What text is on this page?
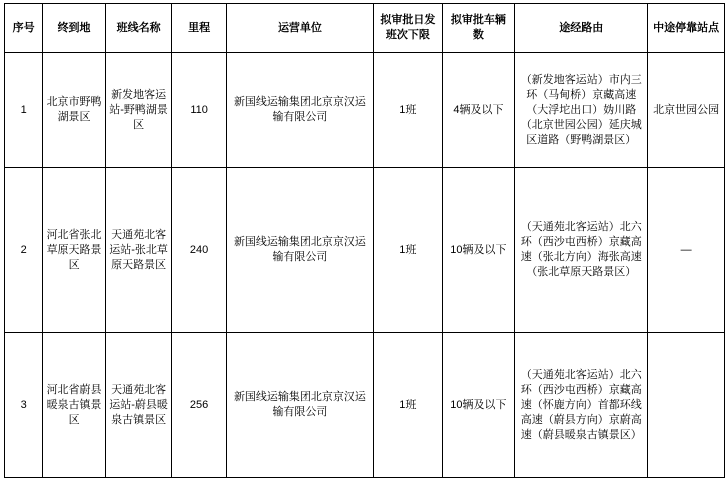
序号	终到地	班线名称	里程	运营单位	拟审批日发班次下限	拟审批车辆数	途经路由	中途停靠站点
1	北京市野鸭湖景区	新发地客运站-野鸭湖景区	110	新国线运输集团北京京汉运输有限公司	1班	4辆及以下	（新发地客运站）市内三环（马甸桥）京藏高速（大浮坨出口）妫川路（北京世园公园）延庆城区道路（野鸭湖景区）	北京世园公园
2	河北省张北草原天路景区	天通苑北客运站-张北草原天路景区	240	新国线运输集团北京京汉运输有限公司	1班	10辆及以下	（天通苑北客运站）北六环（西沙屯西桥）京藏高速（张北方向）海张高速（张北草原天路景区）	—
3	河北省蔚县暖泉古镇景区	天通苑北客运站-蔚县暖泉古镇景区	256	新国线运输集团北京京汉运输有限公司	1班	10辆及以下	（天通苑北客运站）北六环（西沙屯西桥）京藏高速（怀鹿方向）首都环线高速（蔚县方向）京蔚高速（蔚县暖泉古镇景区）	
